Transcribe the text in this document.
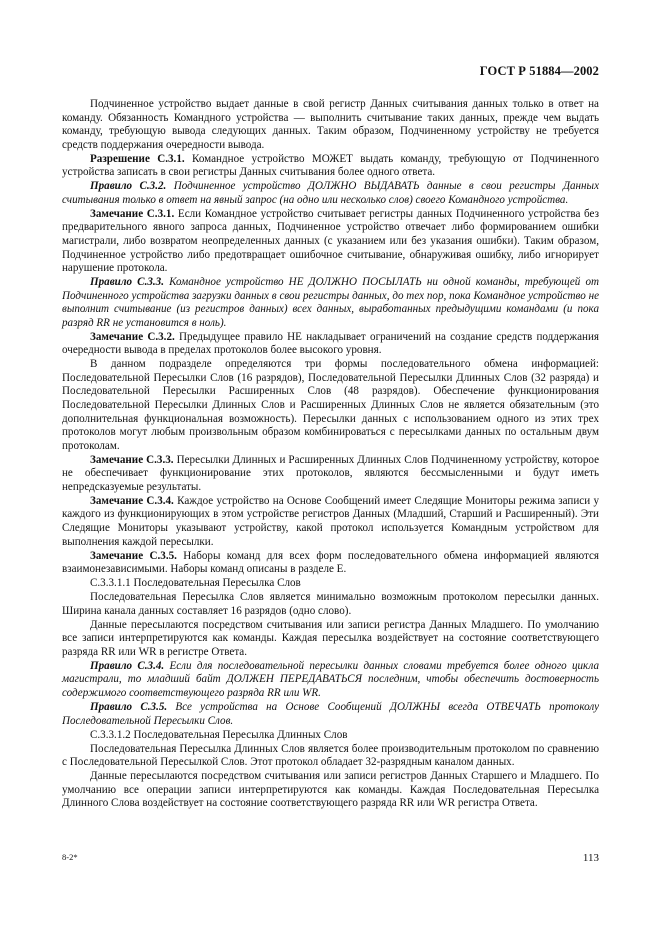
ГОСТ Р 51884—2002

Подчиненное устройство выдает данные в свой регистр Данных считывания данных только в ответ на команду. Обязанность Командного устройства — выполнить считывание таких данных, прежде чем выдать команду, требующую вывода следующих данных. Таким образом, Подчиненному устройству не требуется средств поддержания очередности вывода.

Разрешение С.3.1. Командное устройство МОЖЕТ выдать команду, требующую от Подчиненного устройства записать в свои регистры Данных считывания более одного ответа.

Правило С.3.2. Подчиненное устройство ДОЛЖНО ВЫДАВАТЬ данные в свои регистры Данных считывания только в ответ на явный запрос (на одно или несколько слов) своего Командного устройства.

Замечание С.3.1. Если Командное устройство считывает регистры данных Подчиненного устройства без предварительного явного запроса данных, Подчиненное устройство отвечает либо формированием ошибки магистрали, либо возвратом неопределенных данных (с указанием или без указания ошибки). Таким образом, Подчиненное устройство либо предотвращает ошибочное считывание, обнаруживая ошибку, либо игнорирует нарушение протокола.

Правило С.3.3. Командное устройство НЕ ДОЛЖНО ПОСЫЛАТЬ ни одной команды, требующей от Подчиненного устройства загрузки данных в свои регистры данных, до тех пор, пока Командное устройство не выполнит считывание (из регистров данных) всех данных, выработанных предыдущими командами (и пока разряд RR не установится в ноль).

Замечание С.3.2. Предыдущее правило НЕ накладывает ограничений на создание средств поддержания очередности вывода в пределах протоколов более высокого уровня.

В данном подразделе определяются три формы последовательного обмена информацией: Последовательной Пересылки Слов (16 разрядов), Последовательной Пересылки Длинных Слов (32 разряда) и Последовательной Пересылки Расширенных Слов (48 разрядов). Обеспечение функционирования Последовательной Пересылки Длинных Слов и Расширенных Длинных Слов не является обязательным (это дополнительная функциональная возможность). Пересылки данных с использованием одного из этих трех протоколов могут любым произвольным образом комбинироваться с пересылками данных по остальным двум протоколам.

Замечание С.3.3. Пересылки Длинных и Расширенных Длинных Слов Подчиненному устройству, которое не обеспечивает функционирование этих протоколов, являются бессмысленными и будут иметь непредсказуемые результаты.

Замечание С.3.4. Каждое устройство на Основе Сообщений имеет Следящие Мониторы режима записи у каждого из функционирующих в этом устройстве регистров Данных (Младший, Старший и Расширенный). Эти Следящие Мониторы указывают устройству, какой протокол используется Командным устройством для выполнения каждой пересылки.

Замечание С.3.5. Наборы команд для всех форм последовательного обмена информацией являются взаимонезависимыми. Наборы команд описаны в разделе Е.

С.3.3.1.1 Последовательная Пересылка Слов

Последовательная Пересылка Слов является минимально возможным протоколом пересылки данных. Ширина канала данных составляет 16 разрядов (одно слово).

Данные пересылаются посредством считывания или записи регистра Данных Младшего. По умолчанию все записи интерпретируются как команды. Каждая пересылка воздействует на состояние соответствующего разряда RR или WR в регистре Ответа.

Правило С.3.4. Если для последовательной пересылки данных словами требуется более одного цикла магистрали, то младший байт ДОЛЖЕН ПЕРЕДАВАТЬСЯ последним, чтобы обеспечить достоверность содержимого соответствующего разряда RR или WR.

Правило С.3.5. Все устройства на Основе Сообщений ДОЛЖНЫ всегда ОТВЕЧАТЬ протоколу Последовательной Пересылки Слов.

С.3.3.1.2 Последовательная Пересылка Длинных Слов

Последовательная Пересылка Длинных Слов является более производительным протоколом по сравнению с Последовательной Пересылкой Слов. Этот протокол обладает 32-разрядным каналом данных.

Данные пересылаются посредством считывания или записи регистров Данных Старшего и Младшего. По умолчанию все операции записи интерпретируются как команды. Каждая Последовательная Пересылка Длинного Слова воздействует на состояние соответствующего разряда RR или WR регистра Ответа.

8-2*	113
